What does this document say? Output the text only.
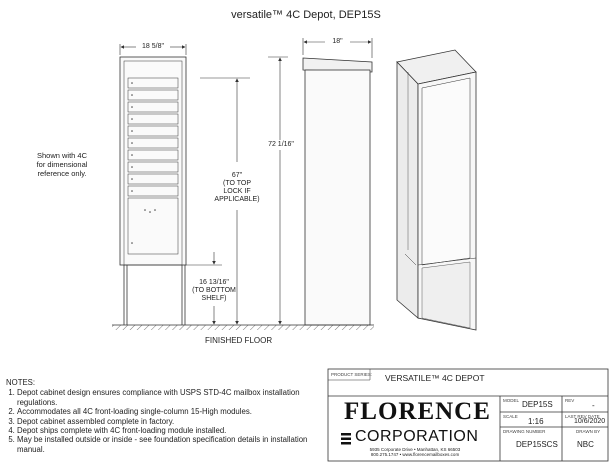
versatile™ 4C Depot, DEP15S
18 5/8"
18"
72 1/16"
67"
(TO TOP
LOCK IF
APPLICABLE)
16 13/16"
(TO BOTTOM
SHELF)
Shown with 4C
for dimensional
reference only.
FINISHED FLOOR
NOTES:
1. Depot cabinet design ensures compliance with USPS STD-4C mailbox installation regulations.
2. Accommodates all 4C front-loading single-column 15-High modules.
3. Depot cabinet assembled complete in factory.
4. Depot ships complete with 4C front-loading module installed.
5. May be installed outside or inside - see foundation specification details in installation manual.
PRODUCT SERIES: VERSATILE™ 4C DEPOT
FLORENCE
CORPORATION
5935 Corporate Drive • Manhattan, KS 66503
800.275.1747 • www.florencemailboxes.com
MODEL DEP15S	REV
-
SCALE
1:16
LAST REV DATE
10/6/2020
DRAWING NUMBER
DEP15SCS
DRAWN BY
NBC
